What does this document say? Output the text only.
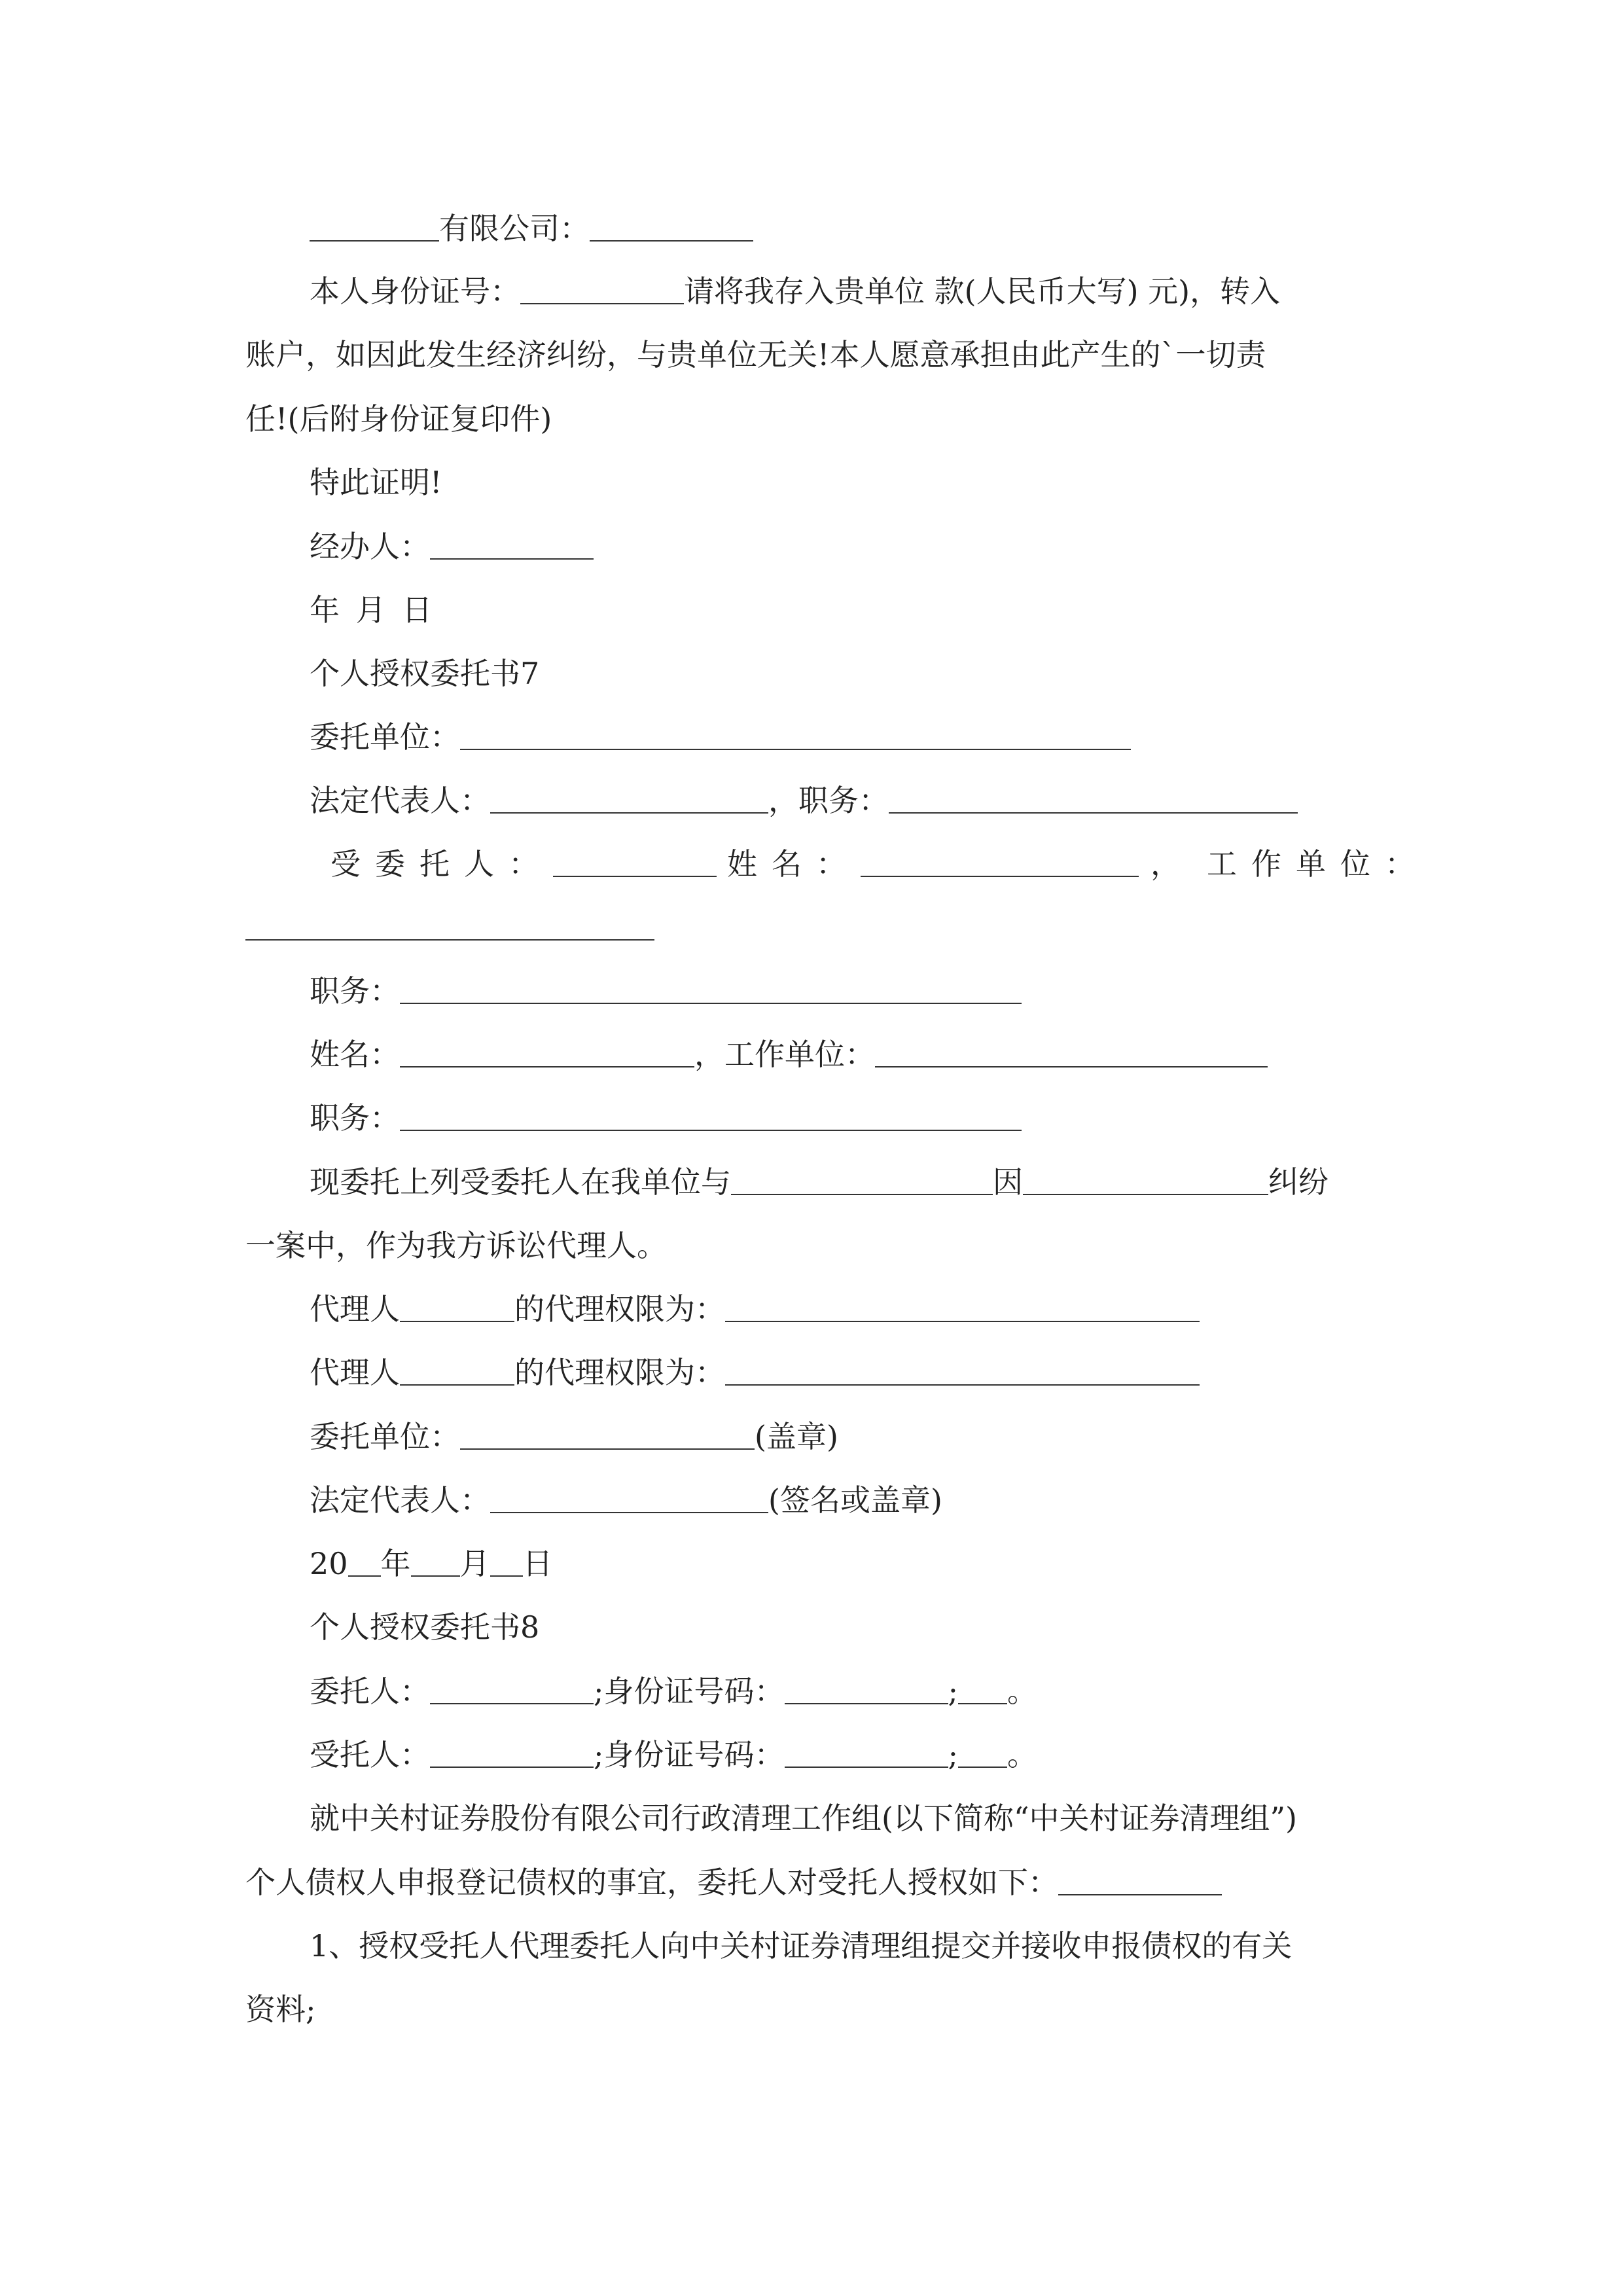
有限公司：
本人身份证号：	请将我存入贵单位 款(人民币大写) 元)，转入
账户，如因此发生经济纠纷，与贵单位无关!本人愿意承担由此产生的`一切责
任!(后附身份证复印件)
特此证明!
经办人：
年 月 日
个人授权委托书7
委托单位：
法定代表人：	，职务：
受委托人：	姓名：	， 工作单位：
职务：
姓名：	，工作单位：
职务：
现委托上列受委托人在我单位与	因	纠纷
一案中，作为我方诉讼代理人。
代理人	的代理权限为：
代理人	的代理权限为：
委托单位：	(盖章)
法定代表人：	(签名或盖章)
20 年 月 日
个人授权委托书8
委托人：	;身份证号码：	; 。
受托人：	;身份证号码：	; 。
就中关村证券股份有限公司行政清理工作组(以下简称“中关村证券清理组”)
个人债权人申报登记债权的事宜，委托人对受托人授权如下：
1、授权受托人代理委托人向中关村证券清理组提交并接收申报债权的有关
资料;
